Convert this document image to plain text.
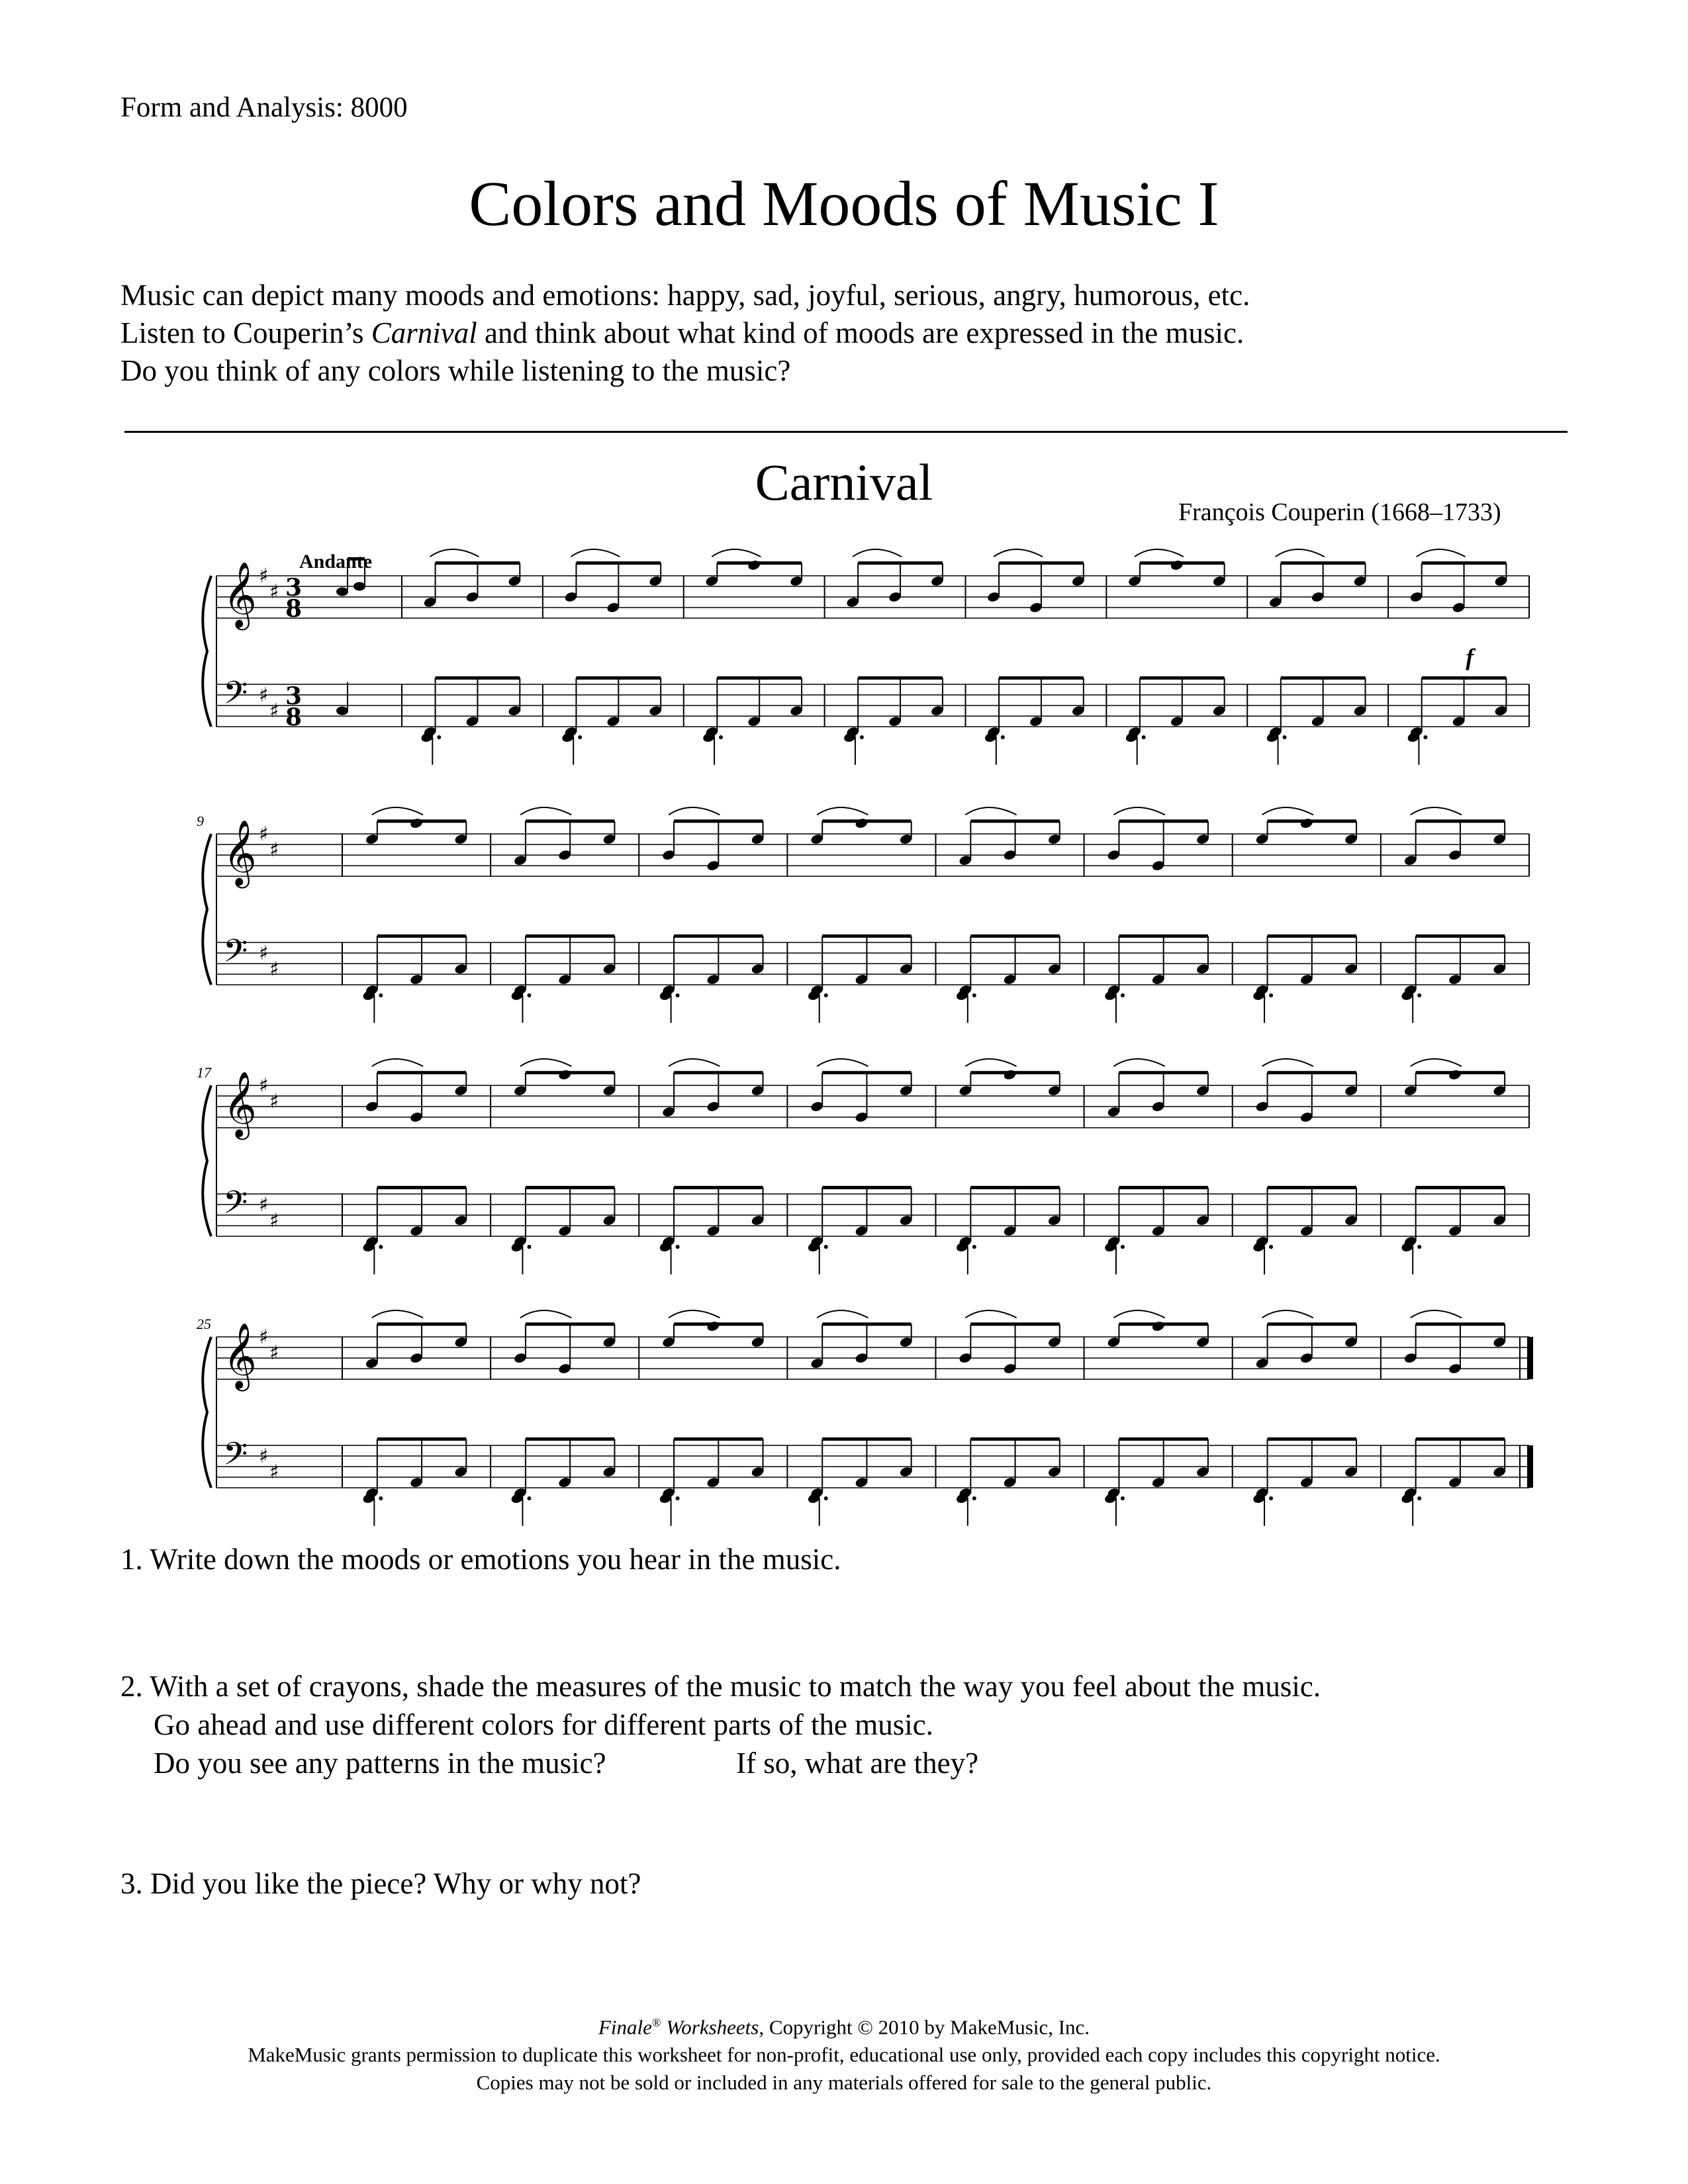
Form and Analysis: 8000
Colors and Moods of Music I
Music can depict many moods and emotions: happy, sad, joyful, serious, angry, humorous, etc.
Listen to Couperin’s Carnival and think about what kind of moods are expressed in the music.
Do you think of any colors while listening to the music?
Carnival
François Couperin (1668–1733)
Andante
𝄞 ♯
♯ 3
8
𝄢 ♯
♯
3
8
f
𝄞 ♯
♯
𝄢 ♯
♯
9
𝄞 ♯
♯
𝄢 ♯
♯
17
𝄞 ♯
♯
𝄢 ♯
♯
25
1. Write down the moods or emotions you hear in the music.
2. With a set of crayons, shade the measures of the music to match the way you feel about the music.
Go ahead and use different colors for different parts of the music.
Do you see any patterns in the music?	If so, what are they?
3. Did you like the piece? Why or why not?
Finale® Worksheets, Copyright © 2010 by MakeMusic, Inc.
MakeMusic grants permission to duplicate this worksheet for non-profit, educational use only, provided each copy includes this copyright notice.
Copies may not be sold or included in any materials offered for sale to the general public.
